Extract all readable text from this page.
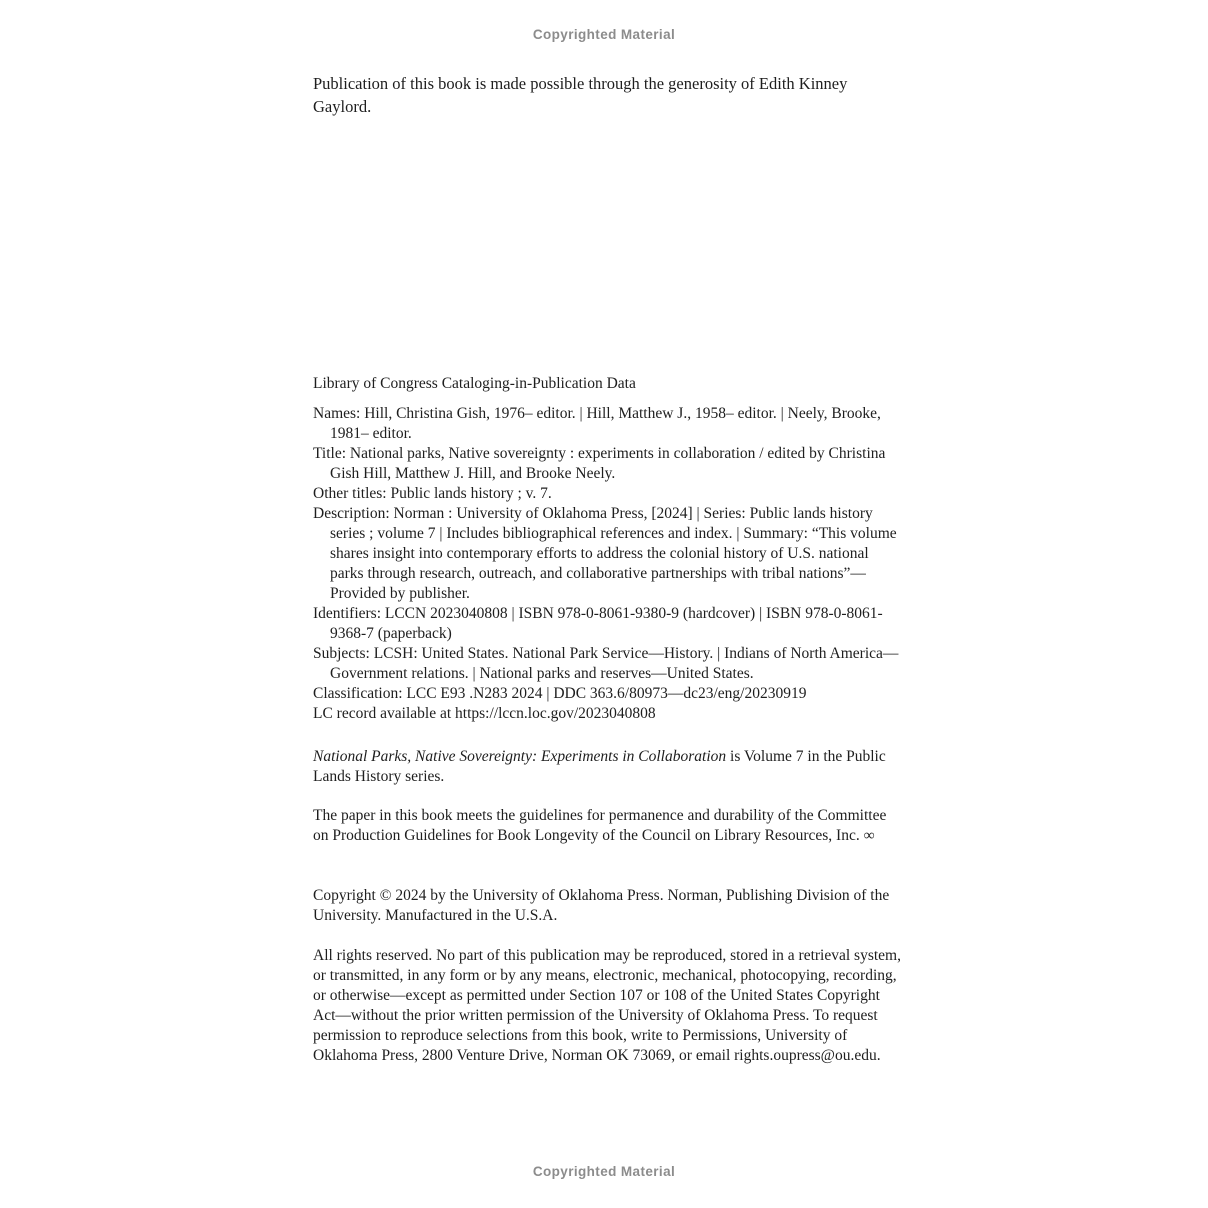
Copyrighted Material
Publication of this book is made possible through the generosity of Edith Kinney Gaylord.
Library of Congress Cataloging-in-Publication Data
Names: Hill, Christina Gish, 1976– editor. | Hill, Matthew J., 1958– editor. | Neely, Brooke, 1981– editor.
Title: National parks, Native sovereignty : experiments in collaboration / edited by Christina Gish Hill, Matthew J. Hill, and Brooke Neely.
Other titles: Public lands history ; v. 7.
Description: Norman : University of Oklahoma Press, [2024] | Series: Public lands history series ; volume 7 | Includes bibliographical references and index. | Summary: “This volume shares insight into contemporary efforts to address the colonial history of U.S. national parks through research, outreach, and collaborative partnerships with tribal nations”—Provided by publisher.
Identifiers: LCCN 2023040808 | ISBN 978-0-8061-9380-9 (hardcover) | ISBN 978-0-8061-9368-7 (paperback)
Subjects: LCSH: United States. National Park Service—History. | Indians of North America—Government relations. | National parks and reserves—United States.
Classification: LCC E93 .N283 2024 | DDC 363.6/80973—dc23/eng/20230919
LC record available at https://lccn.loc.gov/2023040808

National Parks, Native Sovereignty: Experiments in Collaboration is Volume 7 in the Public Lands History series.

The paper in this book meets the guidelines for permanence and durability of the Committee on Production Guidelines for Book Longevity of the Council on Library Resources, Inc. ∞

Copyright © 2024 by the University of Oklahoma Press. Norman, Publishing Division of the University. Manufactured in the U.S.A.

All rights reserved. No part of this publication may be reproduced, stored in a retrieval system, or transmitted, in any form or by any means, electronic, mechanical, photocopying, recording, or otherwise—except as permitted under Section 107 or 108 of the United States Copyright Act—without the prior written permission of the University of Oklahoma Press. To request permission to reproduce selections from this book, write to Permissions, University of Oklahoma Press, 2800 Venture Drive, Norman OK 73069, or email rights.oupress@ou.edu.

Copyrighted Material
